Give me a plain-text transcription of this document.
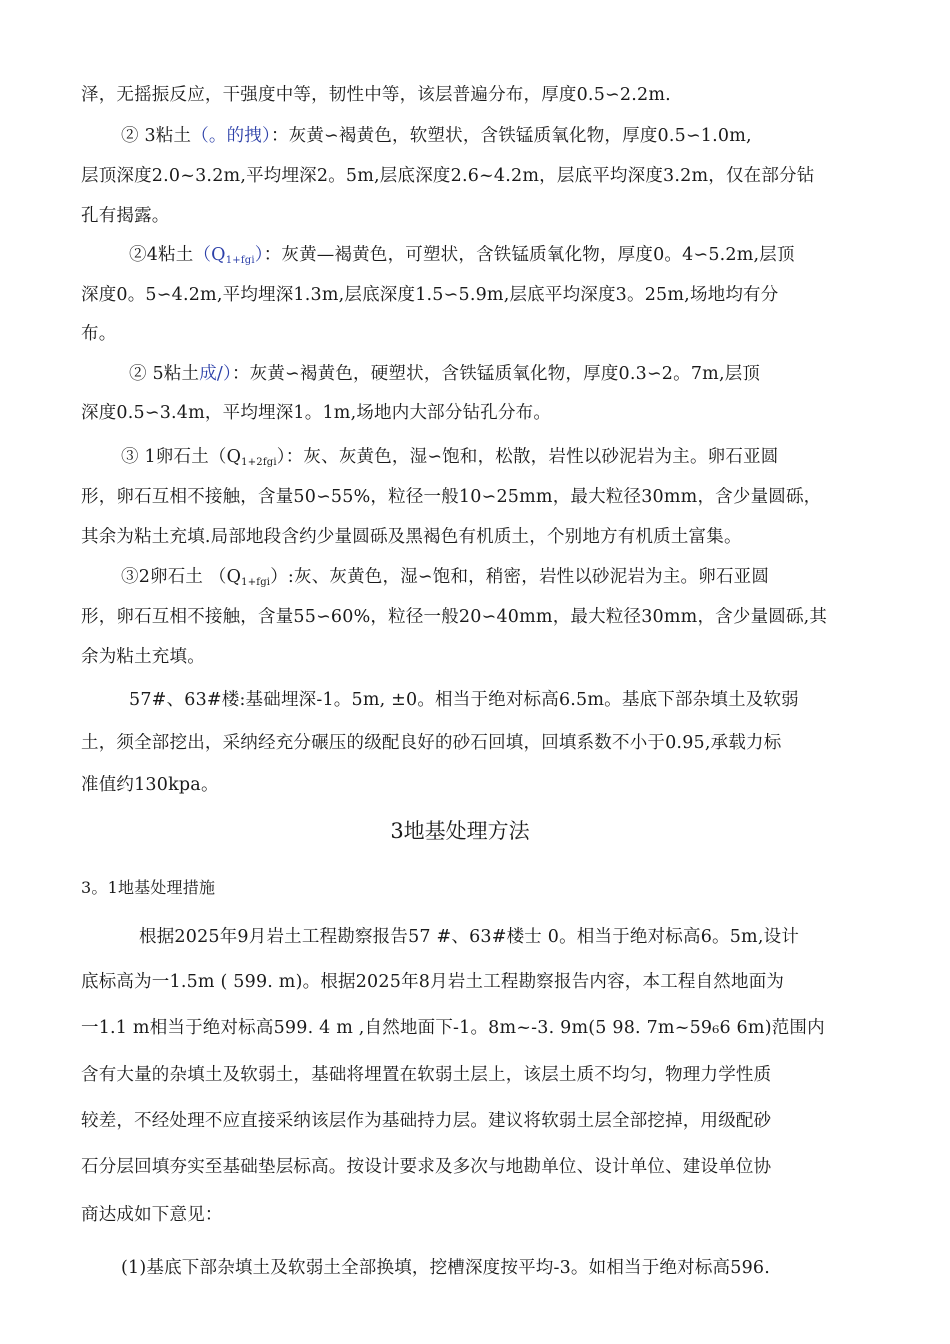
泽，无摇振反应，干强度中等，韧性中等，该层普遍分布，厚度0.5∽2.2m.
② 3粘土（。的拽）：灰黄∽褐黄色，软塑状，含铁锰质氧化物，厚度0.5∽1.0m,
层顶深度2.0~3.2m,平均埋深2。5m,层底深度2.6~4.2m，层底平均深度3.2m，仅在部分钻
孔有揭露。
②4粘土$(Q_{1+fgi})$：灰黄—褐黄色，可塑状，含铁锰质氧化物，厚度0。4∽5.2m,层顶
深度0。5∽4.2m,平均埋深1.3m,层底深度1.5∽5.9m,层底平均深度3。25m,场地均有分
布。
② 5粘土成/）：灰黄∽褐黄色，硬塑状，含铁锰质氧化物，厚度0.3∽2。7m,层顶
深度0.5∽3.4m，平均埋深1。1m,场地内大部分钻孔分布。
③ 1卵石土$(Q_{1+2fgi})$：灰、灰黄色，湿∽饱和，松散，岩性以砂泥岩为主。卵石亚圆
形，卵石互相不接触，含量50∽55%，粒径一般10∽25mm，最大粒径30mm，含少量圆砾，
其余为粘土充填.局部地段含约少量圆砾及黑褐色有机质土，个别地方有机质土富集。
③2卵石土 $(Q_{1+fgi})$:灰、灰黄色，湿∽饱和，稍密，岩性以砂泥岩为主。卵石亚圆
形，卵石互相不接触，含量55∽60%，粒径一般20∽40mm，最大粒径30mm，含少量圆砾,其
余为粘土充填。
57#、63#楼:基础埋深-1。5m, ±0。相当于绝对标高6.5m。基底下部杂填土及软弱
土，须全部挖出，采纳经充分碾压的级配良好的砂石回填，回填系数不小于0.95,承载力标
准值约130kpa。
3地基处理方法
3。1地基处理措施
根据2025年9月岩土工程勘察报告57 #、63#楼士 0。相当于绝对标高6。5m,设计
底标高为一1.5m ( 599. m)。根据2025年8月岩土工程勘察报告内容，本工程自然地面为
一1.1 m相当于绝对标高599. 4 m ,自然地面下-1。8m~-3. 9m(5 98. 7m~59₆6 6m)范围内
含有大量的杂填土及软弱土，基础将埋置在软弱土层上，该层土质不均匀，物理力学性质
较差，不经处理不应直接采纳该层作为基础持力层。建议将软弱土层全部挖掉，用级配砂
石分层回填夯实至基础垫层标高。按设计要求及多次与地勘单位、设计单位、建设单位协
商达成如下意见：
(1)基底下部杂填土及软弱土全部换填，挖槽深度按平均-3。如相当于绝对标高596.
